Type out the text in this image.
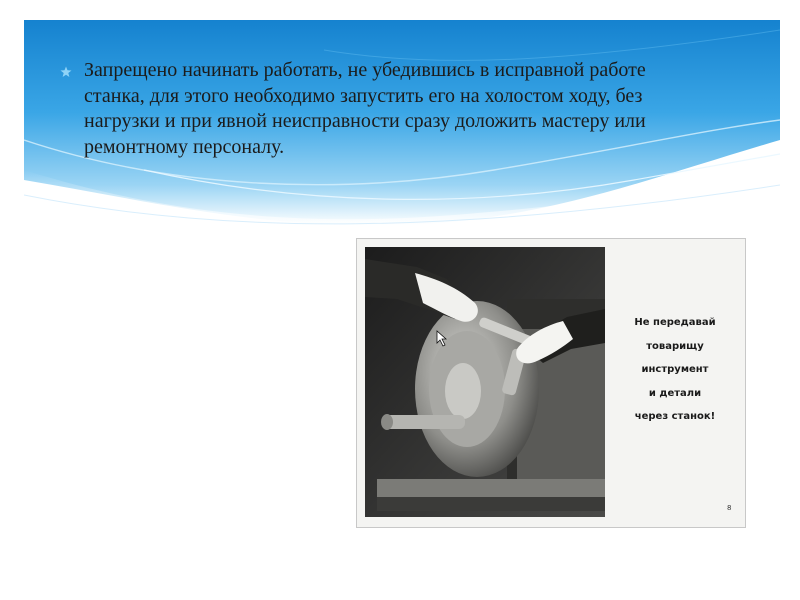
Запрещено начинать работать, не убедившись в исправной работе станка, для этого необходимо запустить его на холостом ходу, без нагрузки и при явной неисправности сразу доложить мастеру или ремонтному персоналу.
Не передавай
товарищу
инструмент
и детали
через станок!
8
